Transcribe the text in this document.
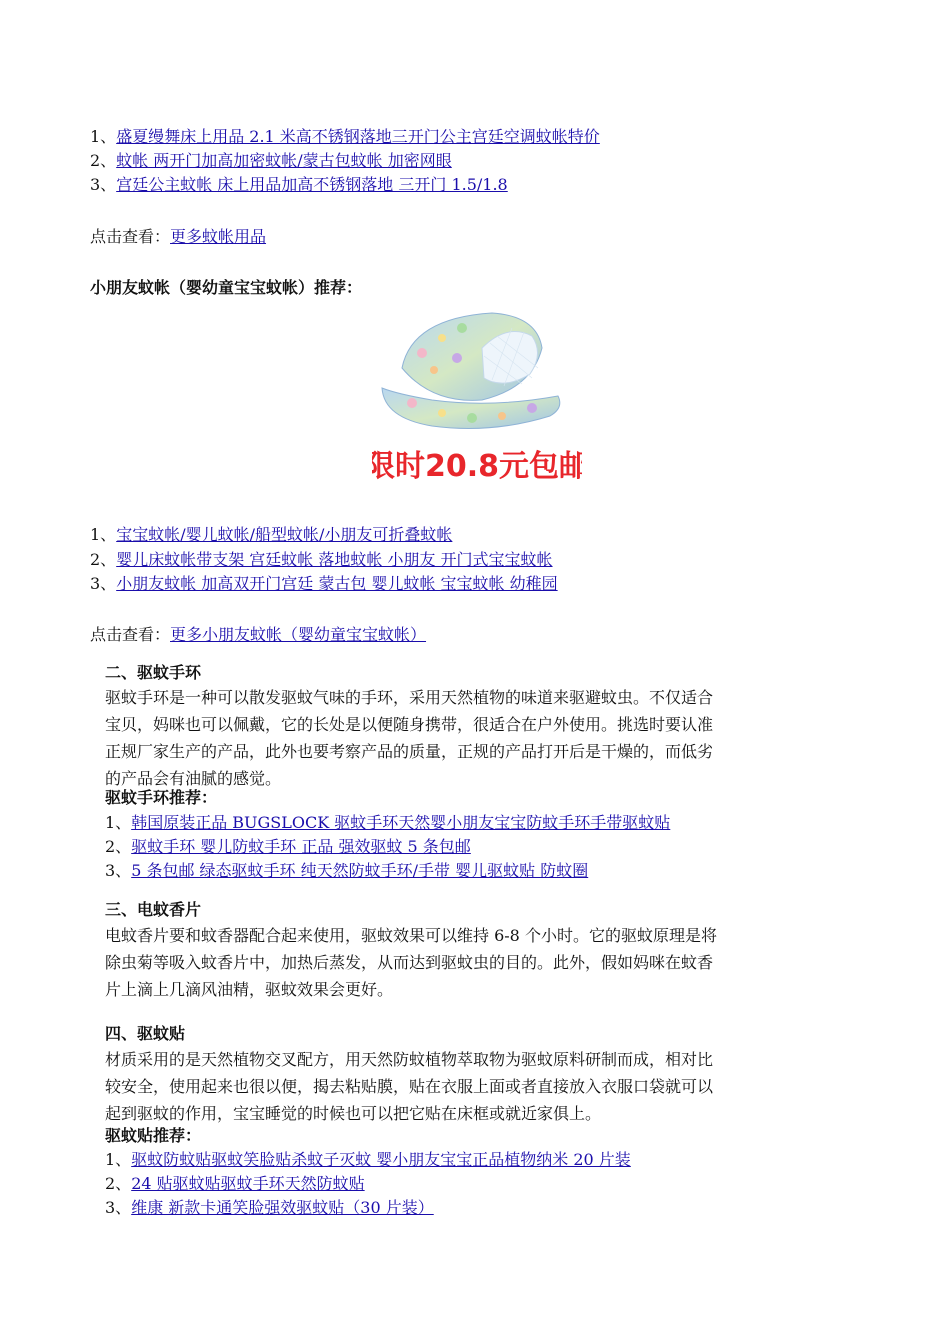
1、盛夏缦舞床上用品 2.1 米高不锈钢落地三开门公主宫廷空调蚊帐特价
2、蚊帐 两开门加高加密蚊帐/蒙古包蚊帐 加密网眼
3、宫廷公主蚊帐 床上用品加高不锈钢落地 三开门 1.5/1.8
点击查看：更多蚊帐用品
小朋友蚊帐（婴幼童宝宝蚊帐）推荐：
限时20.8元包邮
1、宝宝蚊帐/婴儿蚊帐/船型蚊帐/小朋友可折叠蚊帐
2、婴儿床蚊帐带支架 宫廷蚊帐 落地蚊帐 小朋友 开门式宝宝蚊帐
3、小朋友蚊帐 加高双开门宫廷 蒙古包 婴儿蚊帐 宝宝蚊帐 幼稚园
点击查看：更多小朋友蚊帐（婴幼童宝宝蚊帐）
二、驱蚊手环
驱蚊手环是一种可以散发驱蚊气味的手环，采用天然植物的味道来驱避蚊虫。不仅适合
宝贝，妈咪也可以佩戴，它的长处是以便随身携带，很适合在户外使用。挑选时要认准
正规厂家生产的产品，此外也要考察产品的质量，正规的产品打开后是干燥的，而低劣
的产品会有油腻的感觉。
驱蚊手环推荐：
1、韩国原装正品 BUGSLOCK 驱蚊手环天然婴小朋友宝宝防蚊手环手带驱蚊贴
2、驱蚊手环 婴儿防蚊手环 正品 强效驱蚊 5 条包邮
3、5 条包邮 绿态驱蚊手环 纯天然防蚊手环/手带 婴儿驱蚊贴 防蚊圈
三、电蚊香片
电蚊香片要和蚊香器配合起来使用，驱蚊效果可以维持 6-8 个小时。它的驱蚊原理是将
除虫菊等吸入蚊香片中，加热后蒸发，从而达到驱蚊虫的目的。此外，假如妈咪在蚊香
片上滴上几滴风油精，驱蚊效果会更好。
四、驱蚊贴
材质采用的是天然植物交叉配方，用天然防蚊植物萃取物为驱蚊原料研制而成，相对比
较安全，使用起来也很以便，揭去粘贴膜，贴在衣服上面或者直接放入衣服口袋就可以
起到驱蚊的作用，宝宝睡觉的时候也可以把它贴在床框或就近家俱上。
驱蚊贴推荐：
1、驱蚊防蚊贴驱蚊笑脸贴杀蚊子灭蚊 婴小朋友宝宝正品植物纳米 20 片装
2、24 贴驱蚊贴驱蚊手环天然防蚊贴
3、维康 新款卡通笑脸强效驱蚊贴（30 片装）
